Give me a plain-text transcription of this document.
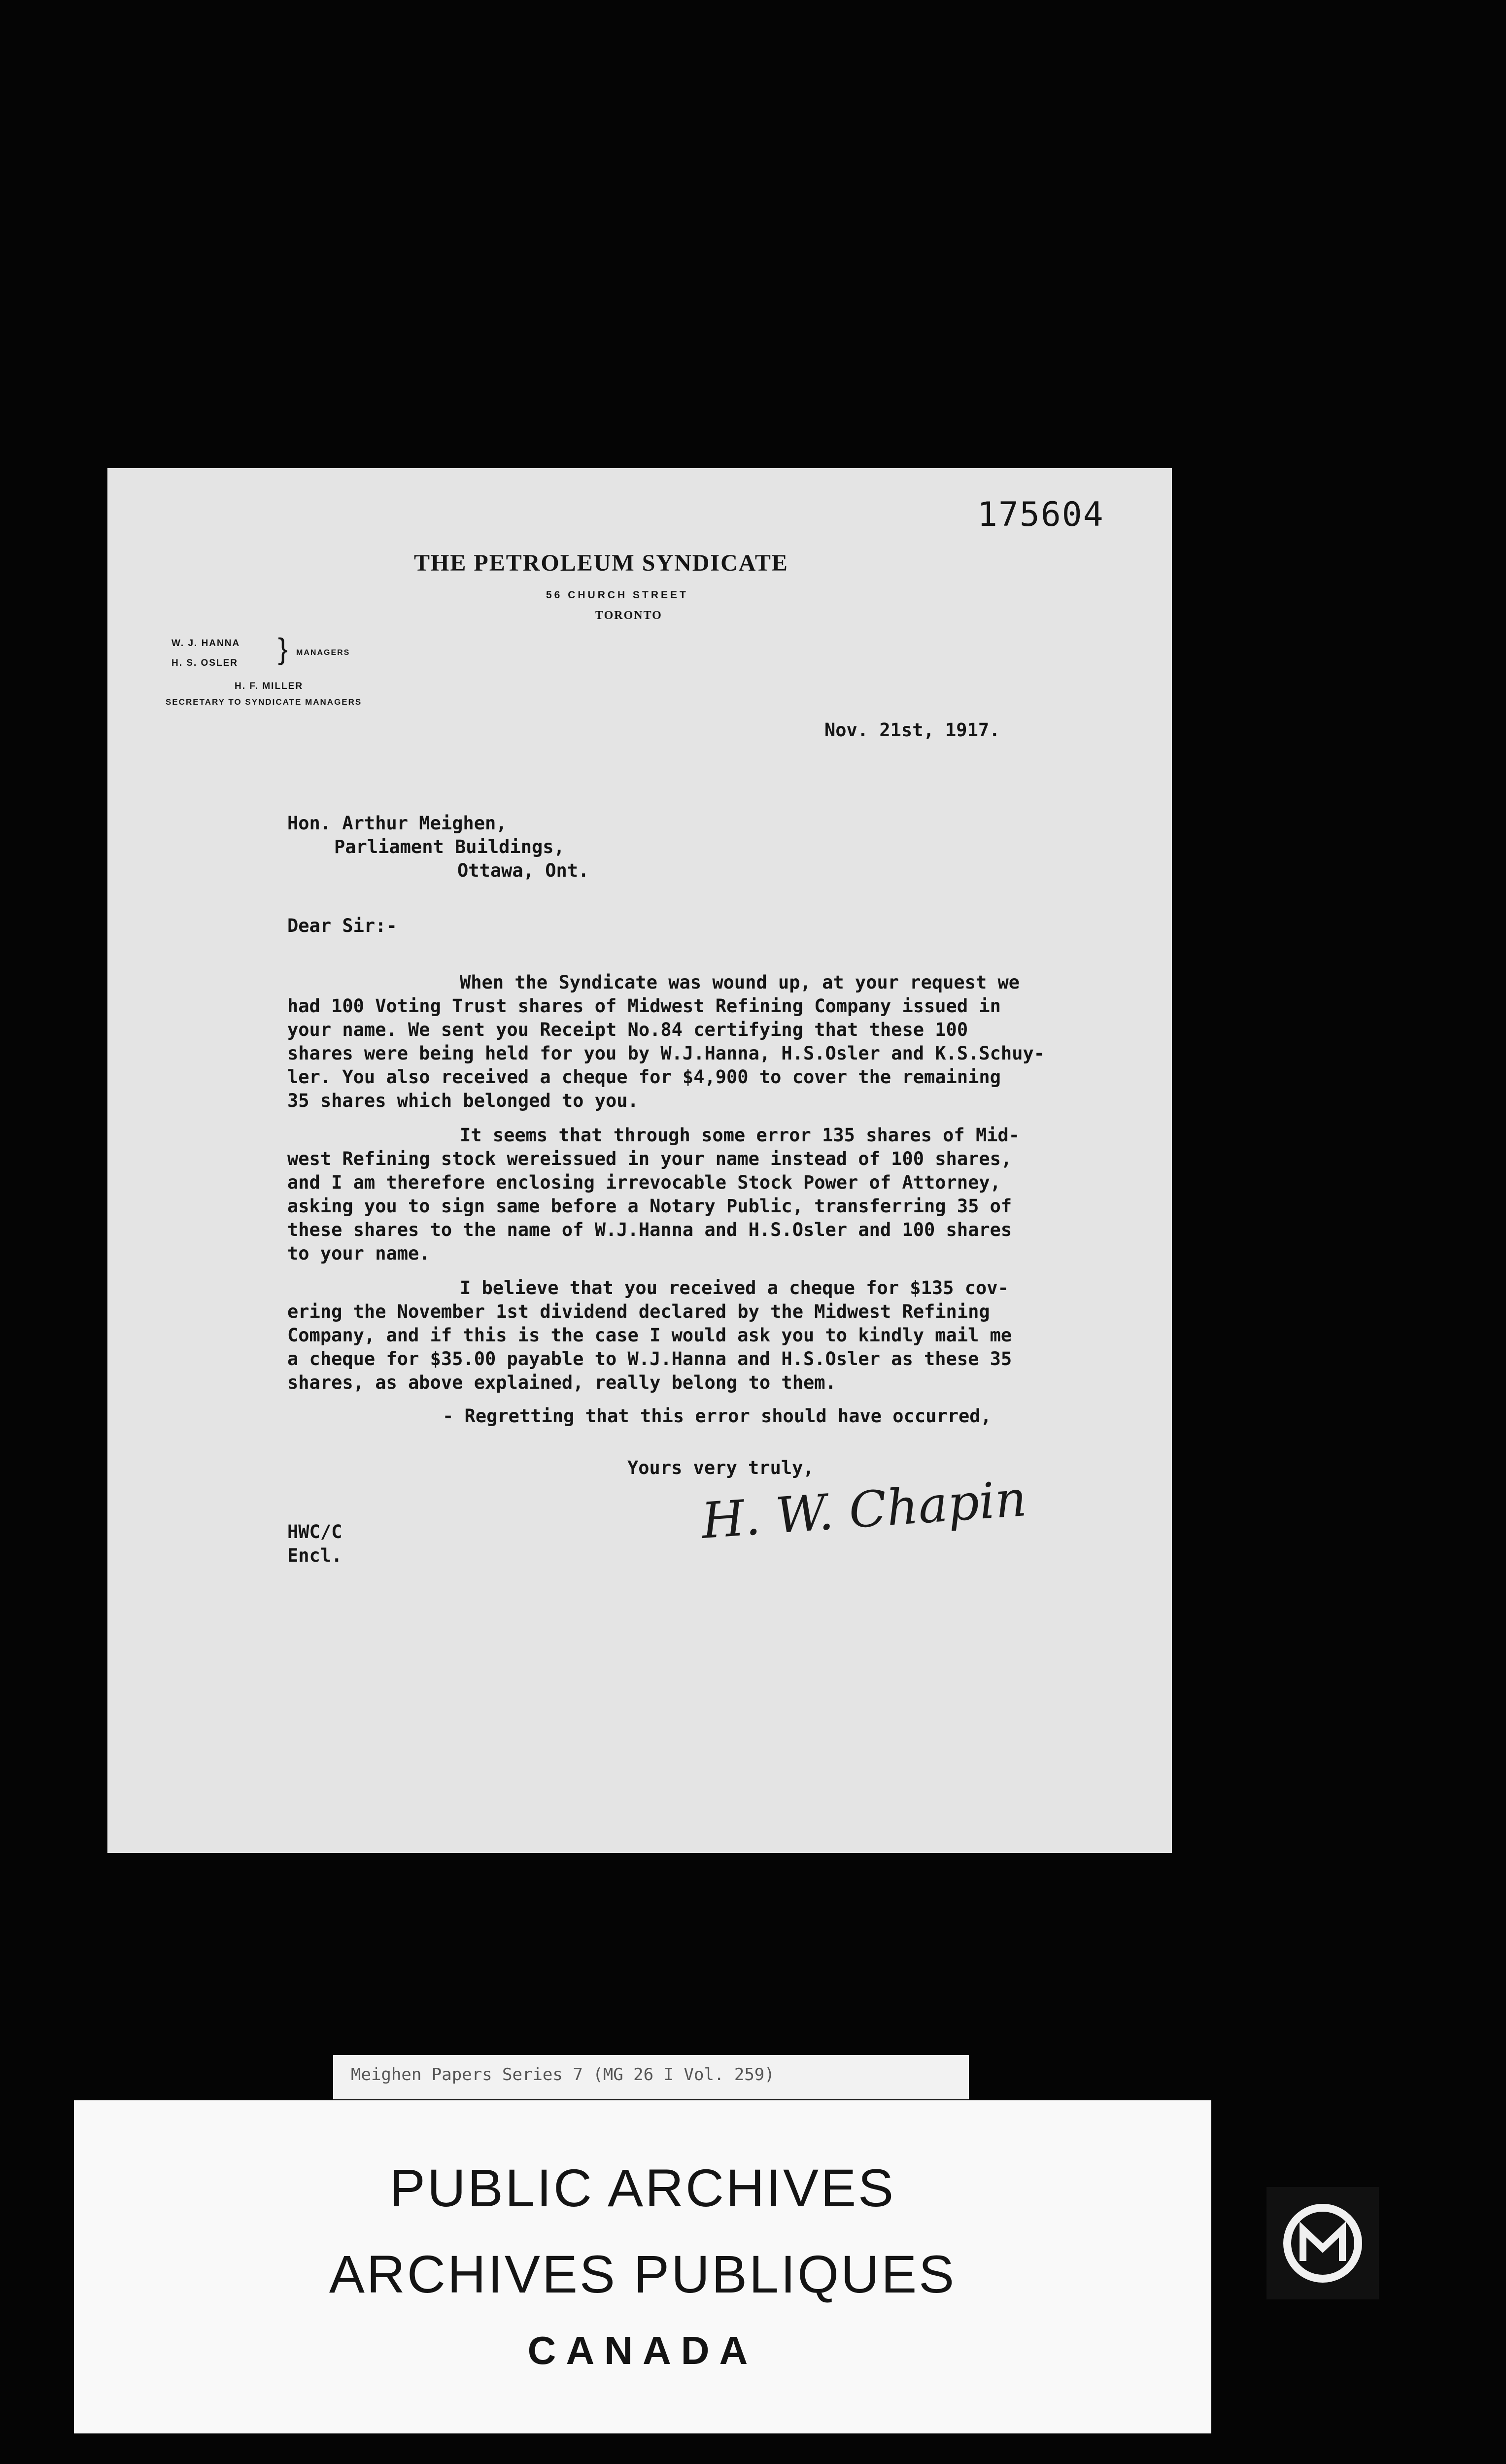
175604
THE PETROLEUM SYNDICATE
56 CHURCH STREET
TORONTO
W. J. HANNA
H. S. OSLER } MANAGERS
H. F. MILLER
SECRETARY TO SYNDICATE MANAGERS
Nov. 21st, 1917.
Hon. Arthur Meighen,
Parliament Buildings,
Ottawa, Ont.
Dear Sir:-
When the Syndicate was wound up, at your request we
had 100 Voting Trust shares of Midwest Refining Company issued in
your name. We sent you Receipt No.84 certifying that these 100
shares were being held for you by W.J.Hanna, H.S.Osler and K.S.Schuy-
ler. You also received a cheque for $4,900 to cover the remaining
35 shares which belonged to you.
It seems that through some error 135 shares of Mid-
west Refining stock wereissued in your name instead of 100 shares,
and I am therefore enclosing irrevocable Stock Power of Attorney,
asking you to sign same before a Notary Public, transferring 35 of
these shares to the name of W.J.Hanna and H.S.Osler and 100 shares
to your name.
I believe that you received a cheque for $135 cov-
ering the November 1st dividend declared by the Midwest Refining
Company, and if this is the case I would ask you to kindly mail me
a cheque for $35.00 payable to W.J.Hanna and H.S.Osler as these 35
shares, as above explained, really belong to them.
- Regretting that this error should have occurred,
Yours very truly,
H. W. Chapin
HWC/C
Encl.
Meighen Papers Series 7 (MG 26 I Vol. 259)
PUBLIC ARCHIVES
ARCHIVES PUBLIQUES
CANADA
